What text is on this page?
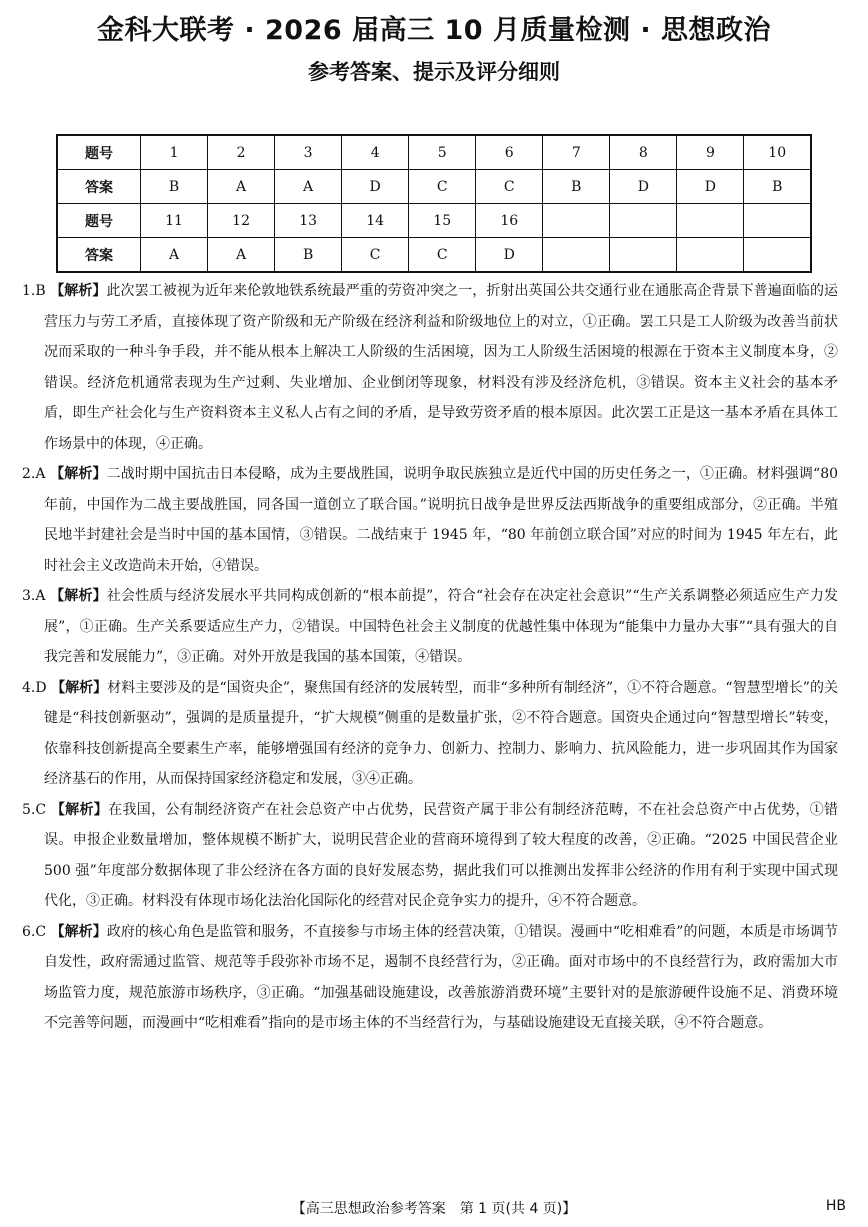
金科大联考 · 2026 届高三 10 月质量检测 · 思想政治
参考答案、提示及评分细则
题号	1	2	3	4	5	6	7	8	9	10
答案	B	A	A	D	C	C	B	D	D	B
题号	11	12	13	14	15	16				
答案	A	A	B	C	C	D				

1.B 【解析】此次罢工被视为近年来伦敦地铁系统最严重的劳资冲突之一，折射出英国公共交通行业在通胀高企背景下普遍面临的运营压力与劳工矛盾，直接体现了资产阶级和无产阶级在经济利益和阶级地位上的对立，①正确。罢工只是工人阶级为改善当前状况而采取的一种斗争手段，并不能从根本上解决工人阶级的生活困境，因为工人阶级生活困境的根源在于资本主义制度本身，②错误。经济危机通常表现为生产过剩、失业增加、企业倒闭等现象，材料没有涉及经济危机，③错误。资本主义社会的基本矛盾，即生产社会化与生产资料资本主义私人占有之间的矛盾，是导致劳资矛盾的根本原因。此次罢工正是这一基本矛盾在具体工作场景中的体现，④正确。

2.A 【解析】二战时期中国抗击日本侵略，成为主要战胜国，说明争取民族独立是近代中国的历史任务之一，①正确。材料强调“80 年前，中国作为二战主要战胜国，同各国一道创立了联合国。”说明抗日战争是世界反法西斯战争的重要组成部分，②正确。半殖民地半封建社会是当时中国的基本国情，③错误。二战结束于 1945 年，“80 年前创立联合国”对应的时间为 1945 年左右，此时社会主义改造尚未开始，④错误。

3.A 【解析】社会性质与经济发展水平共同构成创新的“根本前提”，符合“社会存在决定社会意识”“生产关系调整必须适应生产力发展”，①正确。生产关系要适应生产力，②错误。中国特色社会主义制度的优越性集中体现为“能集中力量办大事”“具有强大的自我完善和发展能力”，③正确。对外开放是我国的基本国策，④错误。

4.D 【解析】材料主要涉及的是“国资央企”，聚焦国有经济的发展转型，而非“多种所有制经济”，①不符合题意。“智慧型增长”的关键是“科技创新驱动”，强调的是质量提升，“扩大规模”侧重的是数量扩张，②不符合题意。国资央企通过向“智慧型增长”转变，依靠科技创新提高全要素生产率，能够增强国有经济的竞争力、创新力、控制力、影响力、抗风险能力，进一步巩固其作为国家经济基石的作用，从而保持国家经济稳定和发展，③④正确。

5.C 【解析】在我国，公有制经济资产在社会总资产中占优势，民营资产属于非公有制经济范畴，不在社会总资产中占优势，①错误。申报企业数量增加，整体规模不断扩大，说明民营企业的营商环境得到了较大程度的改善，②正确。“2025 中国民营企业 500 强”年度部分数据体现了非公经济在各方面的良好发展态势，据此我们可以推测出发挥非公经济的作用有利于实现中国式现代化，③正确。材料没有体现市场化法治化国际化的经营对民企竞争实力的提升，④不符合题意。

6.C 【解析】政府的核心角色是监管和服务，不直接参与市场主体的经营决策，①错误。漫画中“吃相难看”的问题，本质是市场调节自发性，政府需通过监管、规范等手段弥补市场不足，遏制不良经营行为，②正确。面对市场中的不良经营行为，政府需加大市场监管力度，规范旅游市场秩序，③正确。“加强基础设施建设，改善旅游消费环境”主要针对的是旅游硬件设施不足、消费环境不完善等问题，而漫画中“吃相难看”指向的是市场主体的不当经营行为，与基础设施建设无直接关联，④不符合题意。

【高三思想政治参考答案　第 1 页(共 4 页)】	HB
